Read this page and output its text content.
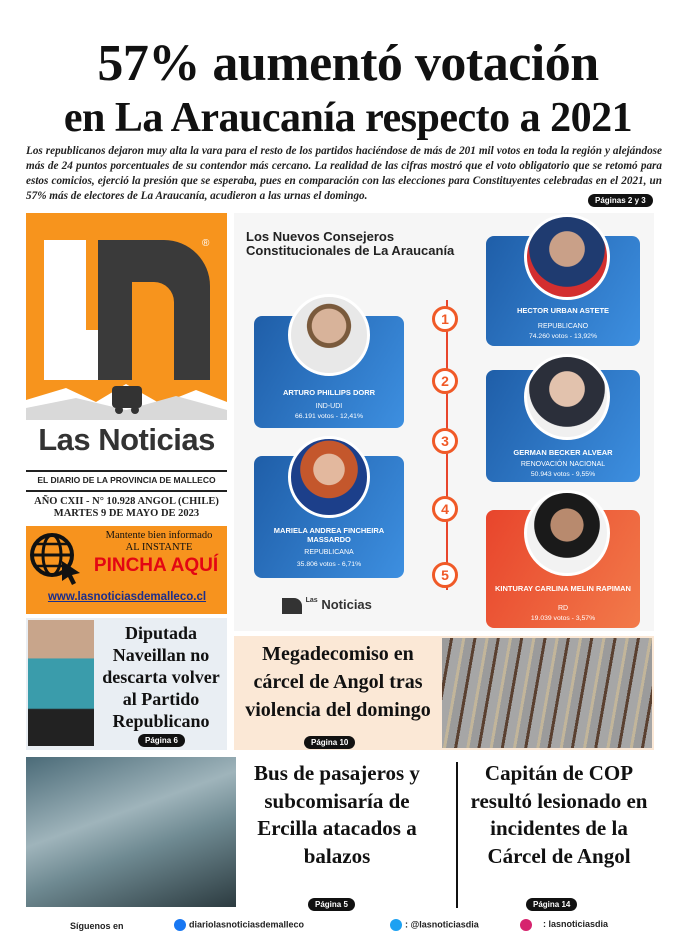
57% aumentó votación
en La Araucanía respecto a 2021
Los republicanos dejaron muy alta la vara para el resto de los partidos haciéndose de más de 201 mil votos en toda la región y alejándose más de 24 puntos porcentuales de su contendor más cercano. La realidad de las cifras mostró que el voto obligatorio que se retomó para estos comicios, ejerció la presión que se esperaba, pues en comparación con las elecciones para Constituyentes celebradas en el 2021, un 57% más de electores de La Araucanía, acudieron a las urnas el domingo.	Páginas 2 y 3
®
Las Noticias
EL DIARIO DE LA PROVINCIA DE MALLECO
AÑO CXII - N° 10.928 ANGOL (CHILE)
MARTES 9 DE MAYO DE 2023
Mantente bien informado
AL INSTANTE
PINCHA AQUÍ
www.lasnoticiasdemalleco.cl
Los Nuevos Consejeros Constitucionales de La Araucanía
HECTOR URBAN ASTETE
REPUBLICANO
74.260 votos - 13,92%
ARTURO PHILLIPS DORR
IND-UDI
66.191 votos - 12,41%
GERMAN BECKER ALVEAR
RENOVACIÓN NACIONAL
50.943 votos - 9,55%
MARIELA ANDREA FINCHEIRA MASSARDO
REPUBLICANA
35.806 votos - 6,71%
KINTURAY CARLINA MELIN RAPIMAN
RD
19.039 votos - 3,57%
1
2
3
4
5
$^{Las}$ Noticias
Diputada Naveillan no descarta volver al Partido Republicano
Página 6
Megadecomiso en cárcel de Angol tras violencia del domingo
Página 10
Bus de pasajeros y subcomisaría de Ercilla atacados a balazos
Página 5
Capitán de COP resultó lesionado en incidentes de la Cárcel de Angol
Página 14
Síguenos en	diariolasnoticiasdemalleco	: @lasnoticiasdia	: lasnoticiasdia
